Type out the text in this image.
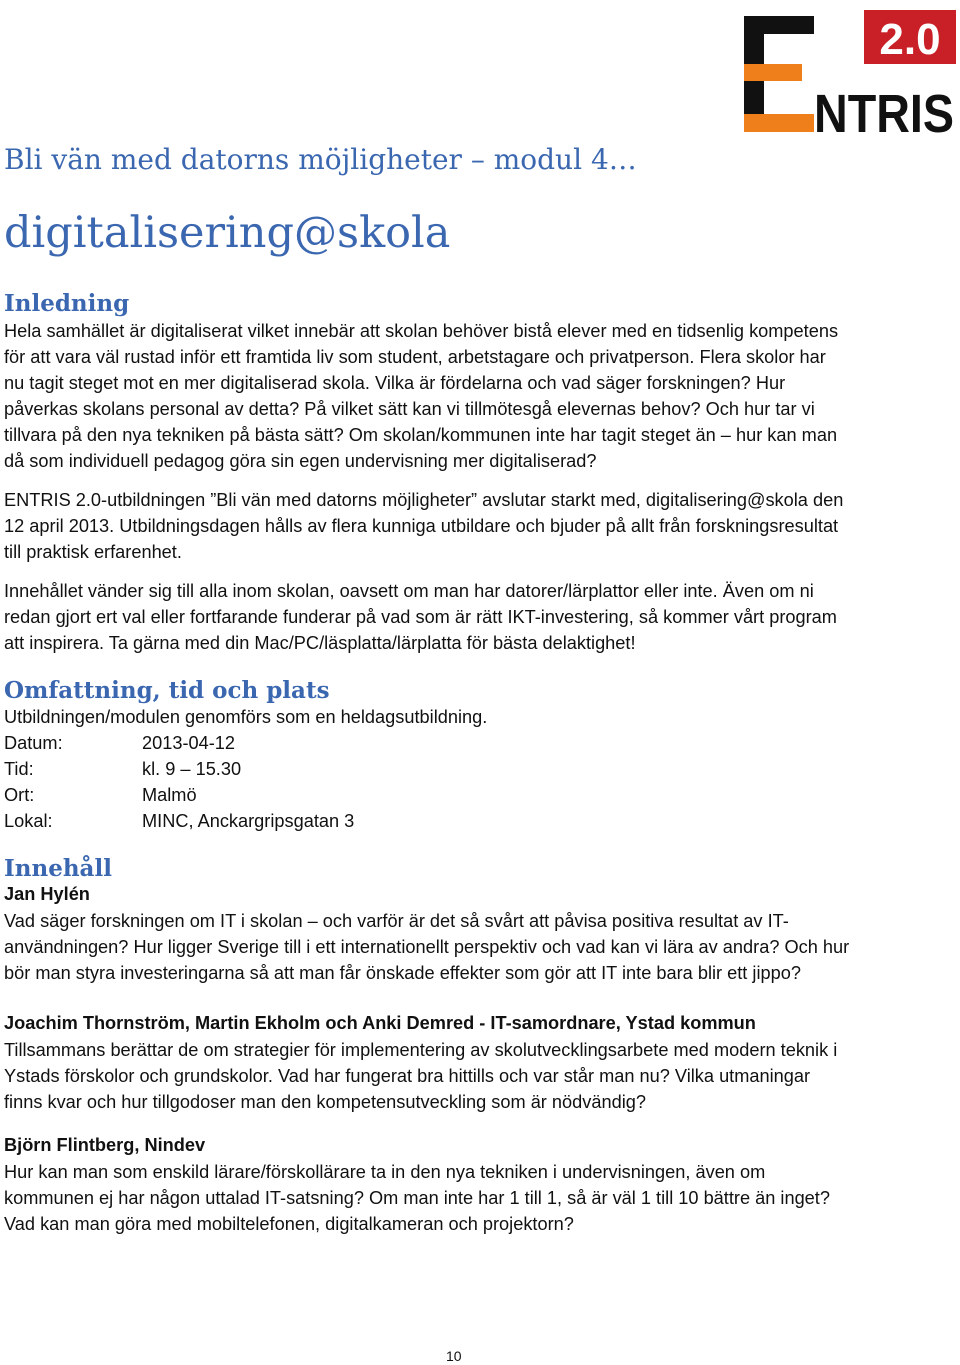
2.0
NTRIS
Bli vän med datorns möjligheter – modul 4…
digitalisering@skola
Inledning
Hela samhället är digitaliserat vilket innebär att skolan behöver bistå elever med en tidsenlig kompetens
för att vara väl rustad inför ett framtida liv som student, arbetstagare och privatperson. Flera skolor har
nu tagit steget mot en mer digitaliserad skola. Vilka är fördelarna och vad säger forskningen? Hur
påverkas skolans personal av detta? På vilket sätt kan vi tillmötesgå elevernas behov? Och hur tar vi
tillvara på den nya tekniken på bästa sätt? Om skolan/kommunen inte har tagit steget än – hur kan man
då som individuell pedagog göra sin egen undervisning mer digitaliserad?
ENTRIS 2.0-utbildningen ”Bli vän med datorns möjligheter” avslutar starkt med, digitalisering@skola den
12 april 2013. Utbildningsdagen hålls av flera kunniga utbildare och bjuder på allt från forskningsresultat
till praktisk erfarenhet.
Innehållet vänder sig till alla inom skolan, oavsett om man har datorer/lärplattor eller inte. Även om ni
redan gjort ert val eller fortfarande funderar på vad som är rätt IKT-investering, så kommer vårt program
att inspirera. Ta gärna med din Mac/PC/läsplatta/lärplatta för bästa delaktighet!
Omfattning, tid och plats
Utbildningen/modulen genomförs som en heldagsutbildning.
Datum:	2013-04-12
Tid:	kl. 9 – 15.30
Ort:	Malmö
Lokal:	MINC, Anckargripsgatan 3
Innehåll
Jan Hylén
Vad säger forskningen om IT i skolan – och varför är det så svårt att påvisa positiva resultat av IT-
användningen? Hur ligger Sverige till i ett internationellt perspektiv och vad kan vi lära av andra? Och hur
bör man styra investeringarna så att man får önskade effekter som gör att IT inte bara blir ett jippo?
Joachim Thornström, Martin Ekholm och Anki Demred - IT-samordnare, Ystad kommun
Tillsammans berättar de om strategier för implementering av skolutvecklingsarbete med modern teknik i
Ystads förskolor och grundskolor. Vad har fungerat bra hittills och var står man nu? Vilka utmaningar
finns kvar och hur tillgodoser man den kompetensutveckling som är nödvändig?
Björn Flintberg, Nindev
Hur kan man som enskild lärare/förskollärare ta in den nya tekniken i undervisningen, även om
kommunen ej har någon uttalad IT-satsning? Om man inte har 1 till 1, så är väl 1 till 10 bättre än inget?
Vad kan man göra med mobiltelefonen, digitalkameran och projektorn?
10
